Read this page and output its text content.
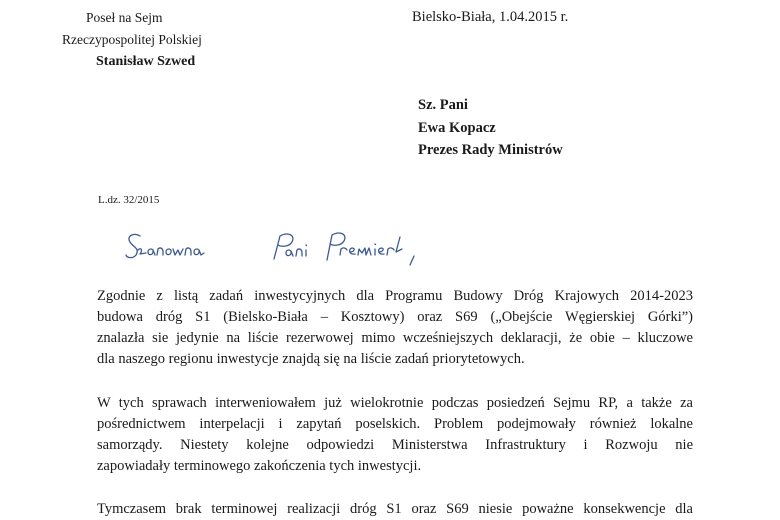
Poseł na Sejm
Rzeczypospolitej Polskiej
Stanisław Szwed
Bielsko-Biała, 1.04.2015 r.
Sz. Pani
Ewa Kopacz
Prezes Rady Ministrów
L.dz. 32/2015
Zgodnie z listą zadań inwestycyjnych dla Programu Budowy Dróg Krajowych 2014-2023
budowa dróg S1 (Bielsko-Biała – Kosztowy) oraz S69 („Obejście Węgierskiej Górki”)
znalazła sie jedynie na liście rezerwowej mimo wcześniejszych deklaracji, że obie – kluczowe
dla naszego regionu inwestycje znajdą się na liście zadań priorytetowych.
W tych sprawach interweniowałem już wielokrotnie podczas posiedzeń Sejmu RP, a także za
pośrednictwem interpelacji i zapytań poselskich. Problem podejmowały również lokalne
samorządy. Niestety kolejne odpowiedzi Ministerstwa Infrastruktury i Rozwoju nie
zapowiadały terminowego zakończenia tych inwestycji.
Tymczasem brak terminowej realizacji dróg S1 oraz S69 niesie poważne konsekwencje dla
